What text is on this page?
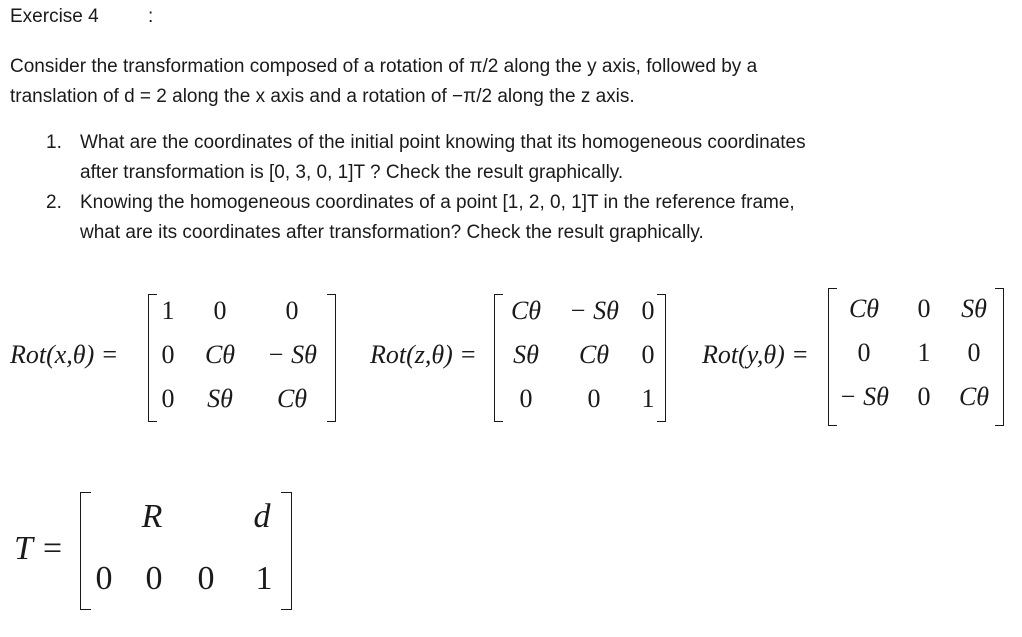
Exercise 4	:
Consider the transformation composed of a rotation of π/2 along the y axis, followed by a
translation of d = 2 along the x axis and a rotation of −π/2 along the z axis.
1. What are the coordinates of the initial point knowing that its homogeneous coordinates
after transformation is [0, 3, 0, 1]T ? Check the result graphically.
2. Knowing the homogeneous coordinates of a point [1, 2, 0, 1]T in the reference frame,
what are its coordinates after transformation? Check the result graphically.
Rot(x,θ) =
1 0 0
0 Cθ − Sθ
0 Sθ Cθ
Rot(z,θ) =
Cθ − Sθ 0
Sθ Cθ 0
0 0 1
Rot(y,θ) =
Cθ 0 Sθ
0 1 0
− Sθ 0 Cθ
T =
R	d
0 0 0 1
